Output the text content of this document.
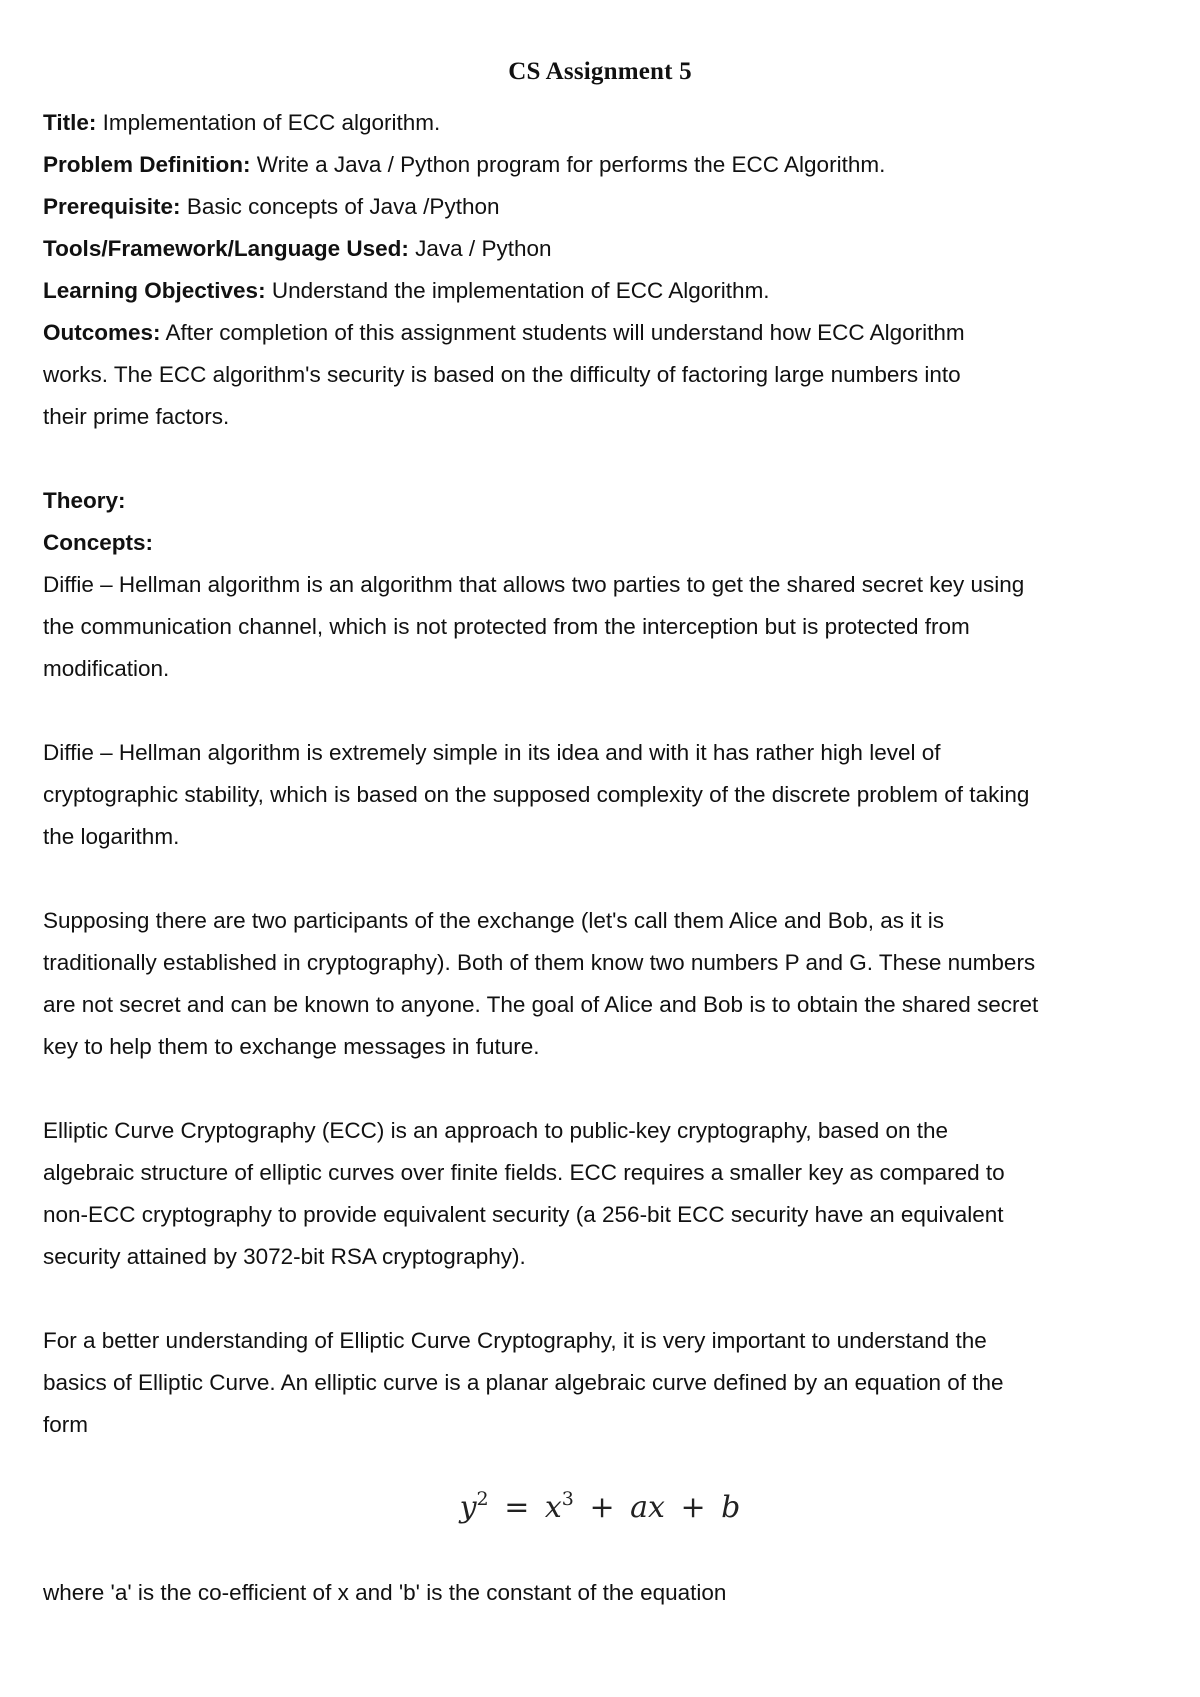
CS Assignment 5

Title: Implementation of ECC algorithm.

Problem Definition: Write a Java / Python program for performs the ECC Algorithm.

Prerequisite: Basic concepts of Java /Python

Tools/Framework/Language Used: Java / Python

Learning Objectives: Understand the implementation of ECC Algorithm.

Outcomes: After completion of this assignment students will understand how ECC Algorithm

works. The ECC algorithm's security is based on the difficulty of factoring large numbers into
their prime factors.
Theory:
Concepts:
Diffie – Hellman algorithm is an algorithm that allows two parties to get the shared secret key using
the communication channel, which is not protected from the interception but is protected from
modification.
Diffie – Hellman algorithm is extremely simple in its idea and with it has rather high level of
cryptographic stability, which is based on the supposed complexity of the discrete problem of taking
the logarithm.
Supposing there are two participants of the exchange (let's call them Alice and Bob, as it is
traditionally established in cryptography). Both of them know two numbers P and G. These numbers
are not secret and can be known to anyone. The goal of Alice and Bob is to obtain the shared secret
key to help them to exchange messages in future.
Elliptic Curve Cryptography (ECC) is an approach to public-key cryptography, based on the
algebraic structure of elliptic curves over finite fields. ECC requires a smaller key as compared to
non-ECC cryptography to provide equivalent security (a 256-bit ECC security have an equivalent
security attained by 3072-bit RSA cryptography).
For a better understanding of Elliptic Curve Cryptography, it is very important to understand the
basics of Elliptic Curve. An elliptic curve is a planar algebraic curve defined by an equation of the
form
$y^2 = x^3$ + ax + b
where 'a' is the co-efficient of x and 'b' is the constant of the equation
